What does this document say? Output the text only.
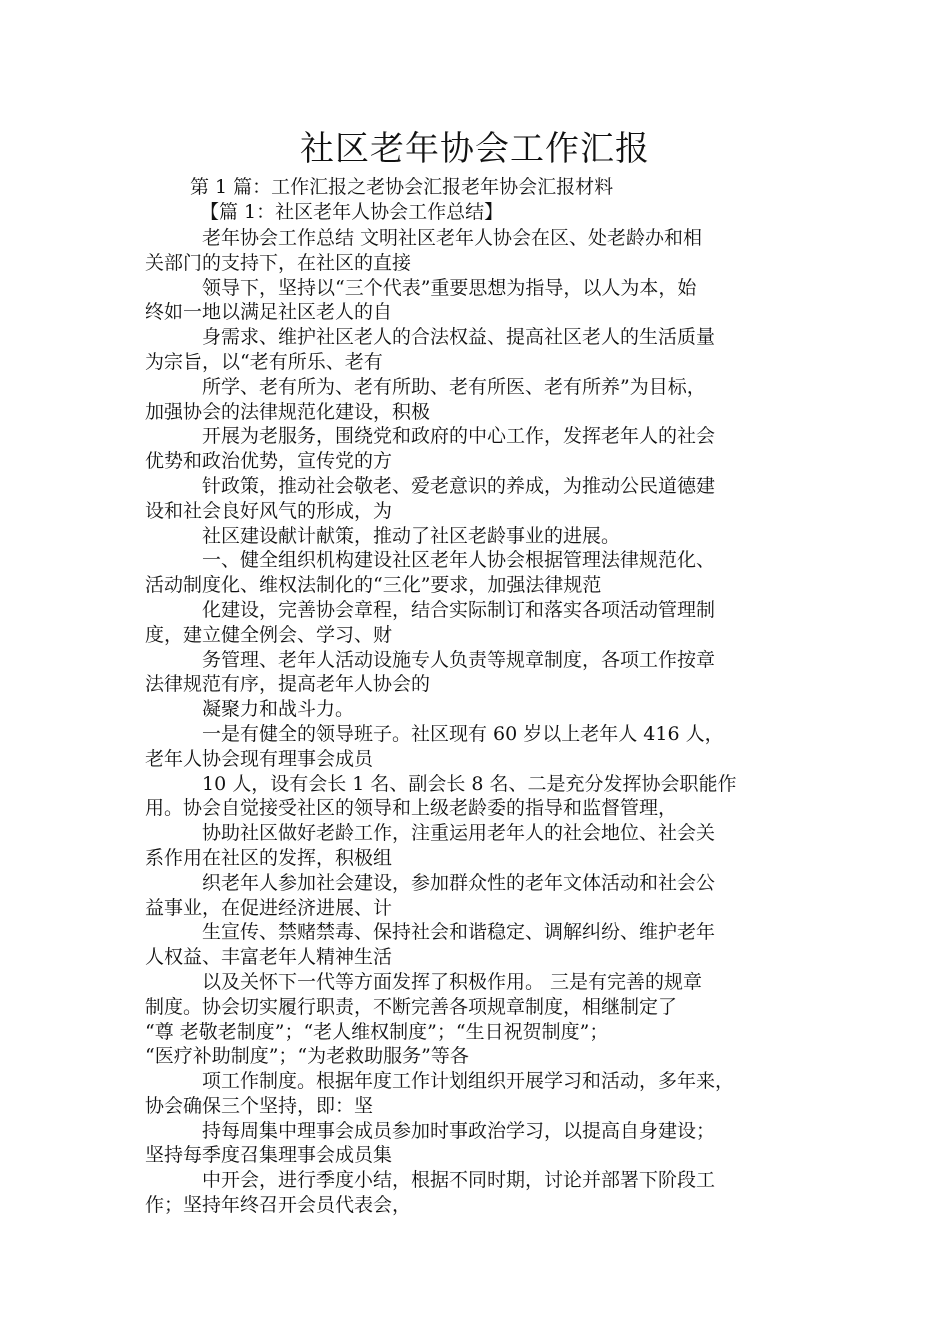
社区老年协会工作汇报
第 1 篇：工作汇报之老协会汇报老年协会汇报材料
【篇 1：社区老年人协会工作总结】
老年协会工作总结 文明社区老年人协会在区、处老龄办和相
关部门的支持下，在社区的直接
领导下，坚持以“三个代表”重要思想为指导，以人为本，始
终如一地以满足社区老人的自
身需求、维护社区老人的合法权益、提高社区老人的生活质量
为宗旨，以“老有所乐、老有
所学、老有所为、老有所助、老有所医、老有所养”为目标，
加强协会的法律规范化建设，积极
开展为老服务，围绕党和政府的中心工作，发挥老年人的社会
优势和政治优势，宣传党的方
针政策，推动社会敬老、爱老意识的养成，为推动公民道德建
设和社会良好风气的形成，为
社区建设献计献策，推动了社区老龄事业的进展。
一、健全组织机构建设社区老年人协会根据管理法律规范化、
活动制度化、维权法制化的“三化”要求，加强法律规范
化建设，完善协会章程，结合实际制订和落实各项活动管理制
度，建立健全例会、学习、财
务管理、老年人活动设施专人负责等规章制度，各项工作按章
法律规范有序，提高老年人协会的
凝聚力和战斗力。
一是有健全的领导班子。社区现有 60 岁以上老年人 416 人，
老年人协会现有理事会成员
10 人，设有会长 1 名、副会长 8 名、二是充分发挥协会职能作
用。协会自觉接受社区的领导和上级老龄委的指导和监督管理，
协助社区做好老龄工作，注重运用老年人的社会地位、社会关
系作用在社区的发挥，积极组
织老年人参加社会建设，参加群众性的老年文体活动和社会公
益事业，在促进经济进展、计
生宣传、禁赌禁毒、保持社会和谐稳定、调解纠纷、维护老年
人权益、丰富老年人精神生活
以及关怀下一代等方面发挥了积极作用。 三是有完善的规章
制度。协会切实履行职责，不断完善各项规章制度，相继制定了
“尊 老敬老制度”；“老人维权制度”；“生日祝贺制度”；
“医疗补助制度”；“为老救助服务”等各
项工作制度。根据年度工作计划组织开展学习和活动，多年来，
协会确保三个坚持，即：坚
持每周集中理事会成员参加时事政治学习，以提高自身建设；
坚持每季度召集理事会成员集
中开会，进行季度小结，根据不同时期，讨论并部署下阶段工
作；坚持年终召开会员代表会，
